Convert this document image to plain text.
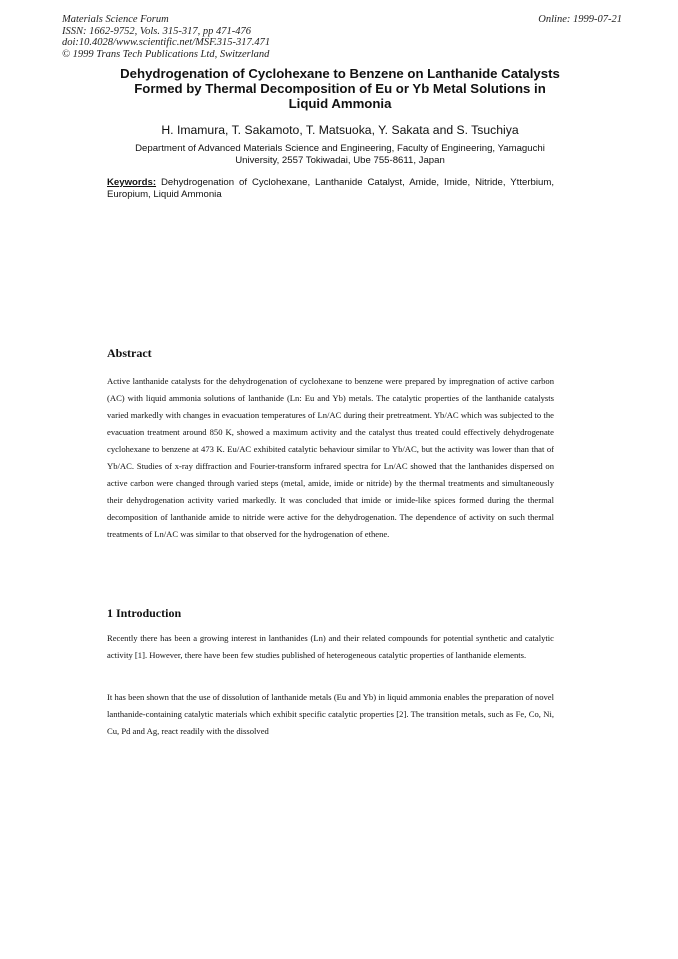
Materials Science Forum
ISSN: 1662-9752, Vols. 315-317, pp 471-476
doi:10.4028/www.scientific.net/MSF.315-317.471
© 1999 Trans Tech Publications Ltd, Switzerland
Online: 1999-07-21
Dehydrogenation of Cyclohexane to Benzene on Lanthanide Catalysts
Formed by Thermal Decomposition of Eu or Yb Metal Solutions in
Liquid Ammonia
H. Imamura, T. Sakamoto, T. Matsuoka, Y. Sakata and S. Tsuchiya
Department of Advanced Materials Science and Engineering, Faculty of Engineering, Yamaguchi
University, 2557 Tokiwadai, Ube 755-8611, Japan
Keywords: Dehydrogenation of Cyclohexane, Lanthanide Catalyst, Amide, Imide, Nitride, Ytterbium, Europium, Liquid Ammonia
Abstract
Active lanthanide catalysts for the dehydrogenation of cyclohexane to benzene were prepared by impregnation of active carbon (AC) with liquid ammonia solutions of lanthanide (Ln: Eu and Yb) metals. The catalytic properties of the lanthanide catalysts varied markedly with changes in evacuation temperatures of Ln/AC during their pretreatment. Yb/AC which was subjected to the evacuation treatment around 850 K, showed a maximum activity and the catalyst thus treated could effectively dehydrogenate cyclohexane to benzene at 473 K. Eu/AC exhibited catalytic behaviour similar to Yb/AC, but the activity was lower than that of Yb/AC. Studies of x-ray diffraction and Fourier-transform infrared spectra for Ln/AC showed that the lanthanides dispersed on active carbon were changed through varied steps (metal, amide, imide or nitride) by the thermal treatments and simultaneously their dehydrogenation activity varied markedly. It was concluded that imide or imide-like spices formed during the thermal decomposition of lanthanide amide to nitride were active for the dehydrogenation. The dependence of activity on such thermal treatments of Ln/AC was similar to that observed for the hydrogenation of ethene.
1 Introduction
Recently there has been a growing interest in lanthanides (Ln) and their related compounds for potential synthetic and catalytic activity [1]. However, there have been few studies published of heterogeneous catalytic properties of lanthanide elements.
It has been shown that the use of dissolution of lanthanide metals (Eu and Yb) in liquid ammonia enables the preparation of novel lanthanide-containing catalytic materials which exhibit specific catalytic properties [2]. The transition metals, such as Fe, Co, Ni, Cu, Pd and Ag, react readily with the dissolved
